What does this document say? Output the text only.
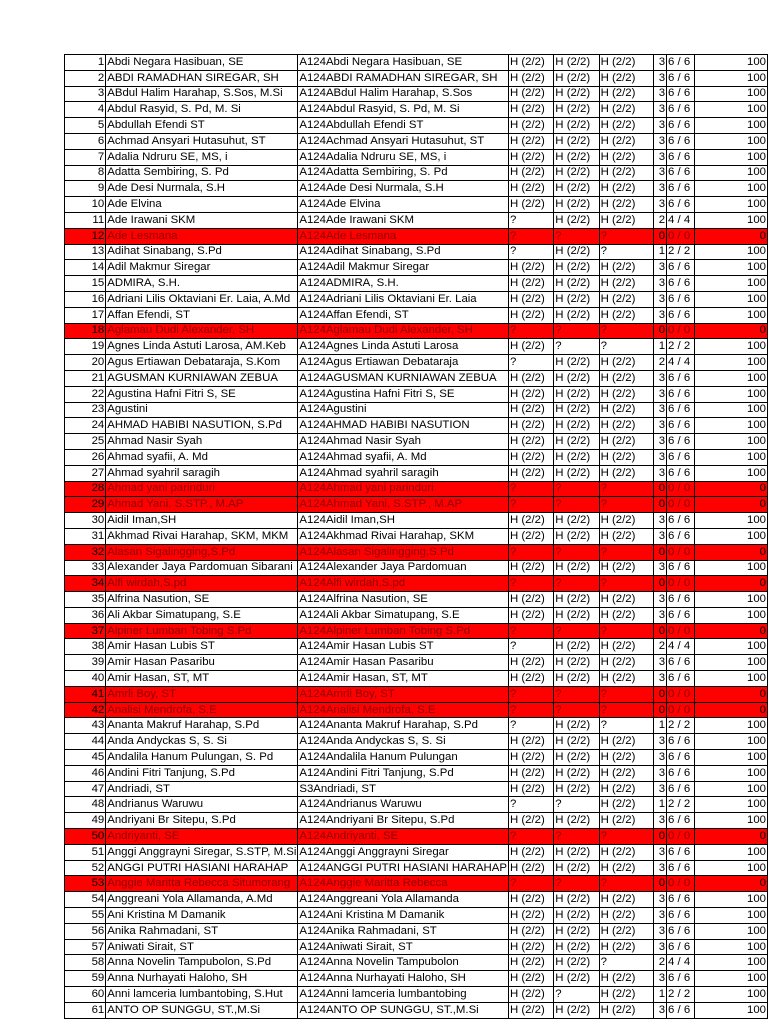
1	Abdi Negara Hasibuan, SE	A124Abdi Negara Hasibuan, SE	H (2/2)	H (2/2)	H (2/2)	3	6 / 6	100
2	ABDI RAMADHAN SIREGAR, SH	A124ABDI RAMADHAN SIREGAR, SH	H (2/2)	H (2/2)	H (2/2)	3	6 / 6	100
3	ABdul Halim Harahap, S.Sos, M.Si	A124ABdul Halim Harahap, S.Sos	H (2/2)	H (2/2)	H (2/2)	3	6 / 6	100
4	Abdul Rasyid, S. Pd, M. Si	A124Abdul Rasyid, S. Pd, M. Si	H (2/2)	H (2/2)	H (2/2)	3	6 / 6	100
5	Abdullah Efendi ST	A124Abdullah Efendi ST	H (2/2)	H (2/2)	H (2/2)	3	6 / 6	100
6	Achmad Ansyari Hutasuhut, ST	A124Achmad Ansyari Hutasuhut, ST	H (2/2)	H (2/2)	H (2/2)	3	6 / 6	100
7	Adalia Ndruru SE, MS, i	A124Adalia Ndruru SE, MS, i	H (2/2)	H (2/2)	H (2/2)	3	6 / 6	100
8	Adatta Sembiring, S. Pd	A124Adatta Sembiring, S. Pd	H (2/2)	H (2/2)	H (2/2)	3	6 / 6	100
9	Ade Desi Nurmala, S.H	A124Ade Desi Nurmala, S.H	H (2/2)	H (2/2)	H (2/2)	3	6 / 6	100
10	Ade Elvina	A124Ade Elvina	H (2/2)	H (2/2)	H (2/2)	3	6 / 6	100
11	Ade Irawani SKM	A124Ade Irawani SKM	?	H (2/2)	H (2/2)	2	4 / 4	100
12	Ade Lesmana	A124Ade Lesmana	?	?	?	0	0 / 0	0
13	Adihat Sinabang, S.Pd	A124Adihat Sinabang, S.Pd	?	H (2/2)	?	1	2 / 2	100
14	Adil Makmur Siregar	A124Adil Makmur Siregar	H (2/2)	H (2/2)	H (2/2)	3	6 / 6	100
15	ADMIRA, S.H.	A124ADMIRA, S.H.	H (2/2)	H (2/2)	H (2/2)	3	6 / 6	100
16	Adriani Lilis Oktaviani Er. Laia, A.Md	A124Adriani Lilis Oktaviani Er. Laia	H (2/2)	H (2/2)	H (2/2)	3	6 / 6	100
17	Affan Efendi, ST	A124Affan Efendi, ST	H (2/2)	H (2/2)	H (2/2)	3	6 / 6	100
18	Aglamau Dudi Alexander, SH	A124Aglamau Dudi Alexander, SH	?	?	?	0	0 / 0	0
19	Agnes Linda Astuti Larosa, AM.Keb	A124Agnes Linda Astuti Larosa	H (2/2)	?	?	1	2 / 2	100
20	Agus Ertiawan Debataraja, S.Kom	A124Agus Ertiawan Debataraja	?	H (2/2)	H (2/2)	2	4 / 4	100
21	AGUSMAN KURNIAWAN ZEBUA	A124AGUSMAN KURNIAWAN ZEBUA	H (2/2)	H (2/2)	H (2/2)	3	6 / 6	100
22	Agustina Hafni Fitri S, SE	A124Agustina Hafni Fitri S, SE	H (2/2)	H (2/2)	H (2/2)	3	6 / 6	100
23	Agustini	A124Agustini	H (2/2)	H (2/2)	H (2/2)	3	6 / 6	100
24	AHMAD HABIBI NASUTION, S.Pd	A124AHMAD HABIBI NASUTION	H (2/2)	H (2/2)	H (2/2)	3	6 / 6	100
25	Ahmad Nasir Syah	A124Ahmad Nasir Syah	H (2/2)	H (2/2)	H (2/2)	3	6 / 6	100
26	Ahmad syafii, A. Md	A124Ahmad syafii, A. Md	H (2/2)	H (2/2)	H (2/2)	3	6 / 6	100
27	Ahmad syahril saragih	A124Ahmad syahril saragih	H (2/2)	H (2/2)	H (2/2)	3	6 / 6	100
28	Ahmad yani parinduri	A124Ahmad yani parinduri	?	?	?	0	0 / 0	0
29	Ahmad Yani, S.STP., M.AP	A124Ahmad Yani, S.STP., M.AP	?	?	?	0	0 / 0	0
30	Aidil Iman,SH	A124Aidil Iman,SH	H (2/2)	H (2/2)	H (2/2)	3	6 / 6	100
31	Akhmad Rivai Harahap, SKM, MKM	A124Akhmad Rivai Harahap, SKM	H (2/2)	H (2/2)	H (2/2)	3	6 / 6	100
32	Alasan Sigalingging,S.Pd	A124Alasan Sigalingging,S.Pd	?	?	?	0	0 / 0	0
33	Alexander Jaya Pardomuan Sibarani	A124Alexander Jaya Pardomuan	H (2/2)	H (2/2)	H (2/2)	3	6 / 6	100
34	Alfi wirdah,S.pd	A124Alfi wirdah,S.pd	?	?	?	0	0 / 0	0
35	Alfrina Nasution, SE	A124Alfrina Nasution, SE	H (2/2)	H (2/2)	H (2/2)	3	6 / 6	100
36	Ali Akbar Simatupang, S.E	A124Ali Akbar Simatupang, S.E	H (2/2)	H (2/2)	H (2/2)	3	6 / 6	100
37	Alpiner Lumban Tobing S.Pd	A124Alpiner Lumban Tobing S.Pd	?	?	?	0	0 / 0	0
38	Amir Hasan Lubis ST	A124Amir Hasan Lubis ST	?	H (2/2)	H (2/2)	2	4 / 4	100
39	Amir Hasan Pasaribu	A124Amir Hasan Pasaribu	H (2/2)	H (2/2)	H (2/2)	3	6 / 6	100
40	Amir Hasan, ST, MT	A124Amir Hasan, ST, MT	H (2/2)	H (2/2)	H (2/2)	3	6 / 6	100
41	Amrli Boy, ST	A124Amrli Boy, ST	?	?	?	0	0 / 0	0
42	Analisi Mendrofa, S.E	A124Analisi Mendrofa, S.E	?	?	?	0	0 / 0	0
43	Ananta Makruf Harahap, S.Pd	A124Ananta Makruf Harahap, S.Pd	?	H (2/2)	?	1	2 / 2	100
44	Anda Andyckas S, S. Si	A124Anda Andyckas S, S. Si	H (2/2)	H (2/2)	H (2/2)	3	6 / 6	100
45	Andalila Hanum Pulungan, S. Pd	A124Andalila Hanum Pulungan	H (2/2)	H (2/2)	H (2/2)	3	6 / 6	100
46	Andini Fitri Tanjung, S.Pd	A124Andini Fitri Tanjung, S.Pd	H (2/2)	H (2/2)	H (2/2)	3	6 / 6	100
47	Andriadi, ST	S3Andriadi, ST	H (2/2)	H (2/2)	H (2/2)	3	6 / 6	100
48	Andrianus Waruwu	A124Andrianus Waruwu	?	?	H (2/2)	1	2 / 2	100
49	Andriyani Br Sitepu, S.Pd	A124Andriyani Br Sitepu, S.Pd	H (2/2)	H (2/2)	H (2/2)	3	6 / 6	100
50	Andriyanti, SE	A124Andriyanti, SE	?	?	?	0	0 / 0	0
51	Anggi Anggrayni Siregar, S.STP, M.Si	A124Anggi Anggrayni Siregar	H (2/2)	H (2/2)	H (2/2)	3	6 / 6	100
52	ANGGI PUTRI HASIANI HARAHAP	A124ANGGI PUTRI HASIANI HARAHAP	H (2/2)	H (2/2)	H (2/2)	3	6 / 6	100
53	Anggie Maritta Rebecca Situmorang	A124Anggie Maritta Rebecca	?	?	?	0	0 / 0	0
54	Anggreani Yola Allamanda, A.Md	A124Anggreani Yola Allamanda	H (2/2)	H (2/2)	H (2/2)	3	6 / 6	100
55	Ani Kristina M Damanik	A124Ani Kristina M Damanik	H (2/2)	H (2/2)	H (2/2)	3	6 / 6	100
56	Anika Rahmadani, ST	A124Anika Rahmadani, ST	H (2/2)	H (2/2)	H (2/2)	3	6 / 6	100
57	Aniwati Sirait, ST	A124Aniwati Sirait, ST	H (2/2)	H (2/2)	H (2/2)	3	6 / 6	100
58	Anna Novelin Tampubolon, S.Pd	A124Anna Novelin Tampubolon	H (2/2)	H (2/2)	?	2	4 / 4	100
59	Anna Nurhayati Haloho, SH	A124Anna Nurhayati Haloho, SH	H (2/2)	H (2/2)	H (2/2)	3	6 / 6	100
60	Anni lamceria lumbantobing, S.Hut	A124Anni lamceria lumbantobing	H (2/2)	?	H (2/2)	1	2 / 2	100
61	ANTO OP SUNGGU, ST.,M.Si	A124ANTO OP SUNGGU, ST.,M.Si	H (2/2)	H (2/2)	H (2/2)	3	6 / 6	100
